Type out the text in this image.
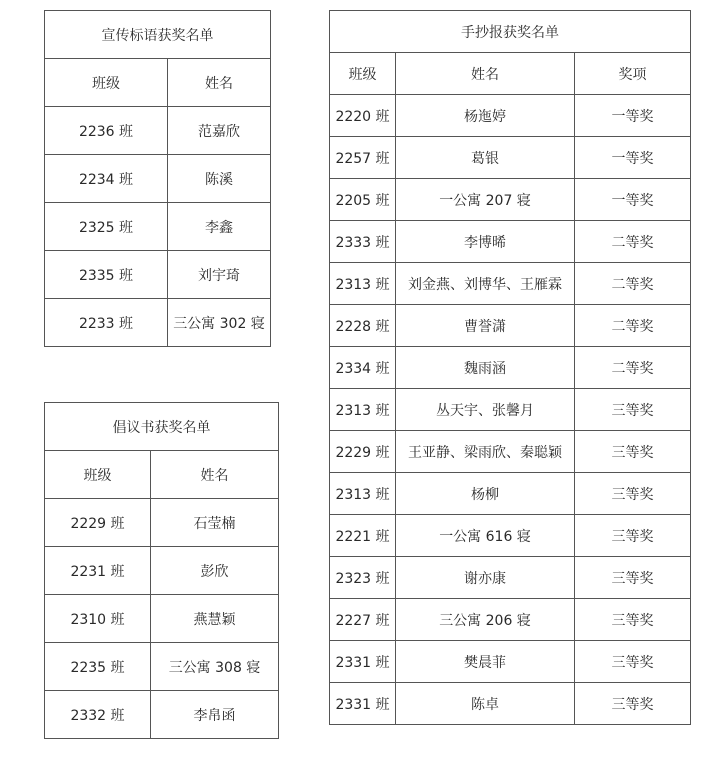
宣传标语获奖名单	
班级	姓名
2236 班	范嘉欣
2234 班	陈溪
2325 班	李鑫
2335 班	刘宇琦
2233 班	三公寓 302 寝
倡议书获奖名单	
班级	姓名
2229 班	石莹楠
2231 班	彭欣
2310 班	燕慧颖
2235 班	三公寓 308 寝
2332 班	李帛函
手抄报获奖名单		
班级	姓名	奖项
2220 班	杨迤婷	一等奖
2257 班	葛银	一等奖
2205 班	一公寓 207 寝	一等奖
2333 班	李博晞	二等奖
2313 班	刘金燕、刘博华、王雁霖	二等奖
2228 班	曹誉潇	二等奖
2334 班	魏雨涵	二等奖
2313 班	丛天宇、张馨月	三等奖
2229 班	王亚静、梁雨欣、秦聪颖	三等奖
2313 班	杨柳	三等奖
2221 班	一公寓 616 寝	三等奖
2323 班	谢亦康	三等奖
2227 班	三公寓 206 寝	三等奖
2331 班	樊晨菲	三等奖
2331 班	陈卓	三等奖
